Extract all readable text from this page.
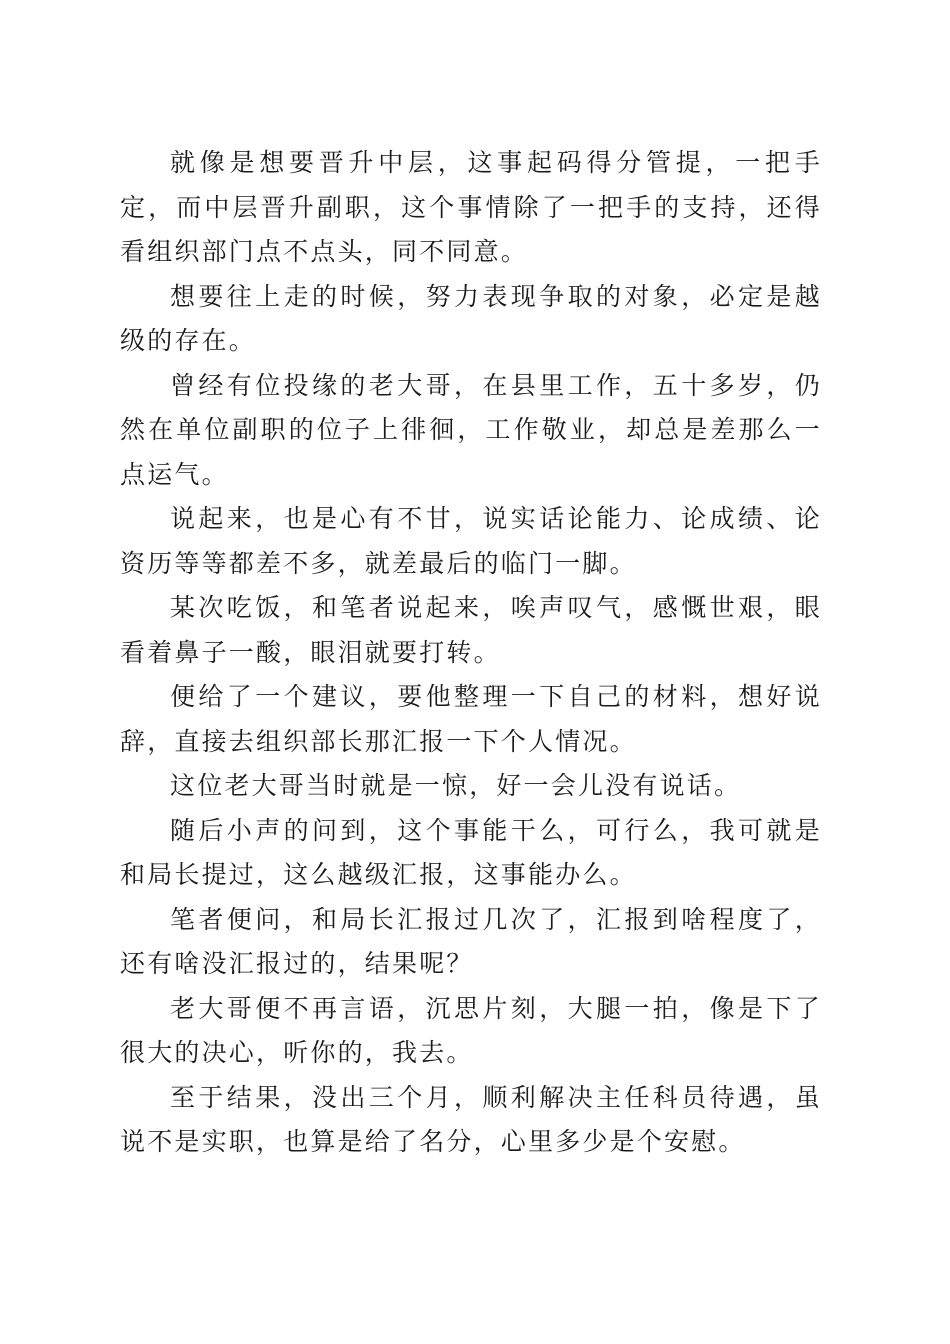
就像是想要晋升中层，这事起码得分管提，一把手定，而中层晋升副职，这个事情除了一把手的支持，还得看组织部门点不点头，同不同意。

想要往上走的时候，努力表现争取的对象，必定是越级的存在。

曾经有位投缘的老大哥，在县里工作，五十多岁，仍然在单位副职的位子上徘徊，工作敬业，却总是差那么一点运气。

说起来，也是心有不甘，说实话论能力、论成绩、论资历等等都差不多，就差最后的临门一脚。

某次吃饭，和笔者说起来，唉声叹气，感慨世艰，眼看着鼻子一酸，眼泪就要打转。

便给了一个建议，要他整理一下自己的材料，想好说辞，直接去组织部长那汇报一下个人情况。

这位老大哥当时就是一惊，好一会儿没有说话。

随后小声的问到，这个事能干么，可行么，我可就是和局长提过，这么越级汇报，这事能办么。

笔者便问，和局长汇报过几次了，汇报到啥程度了，还有啥没汇报过的，结果呢？

老大哥便不再言语，沉思片刻，大腿一拍，像是下了很大的决心，听你的，我去。

至于结果，没出三个月，顺利解决主任科员待遇，虽说不是实职，也算是给了名分，心里多少是个安慰。
